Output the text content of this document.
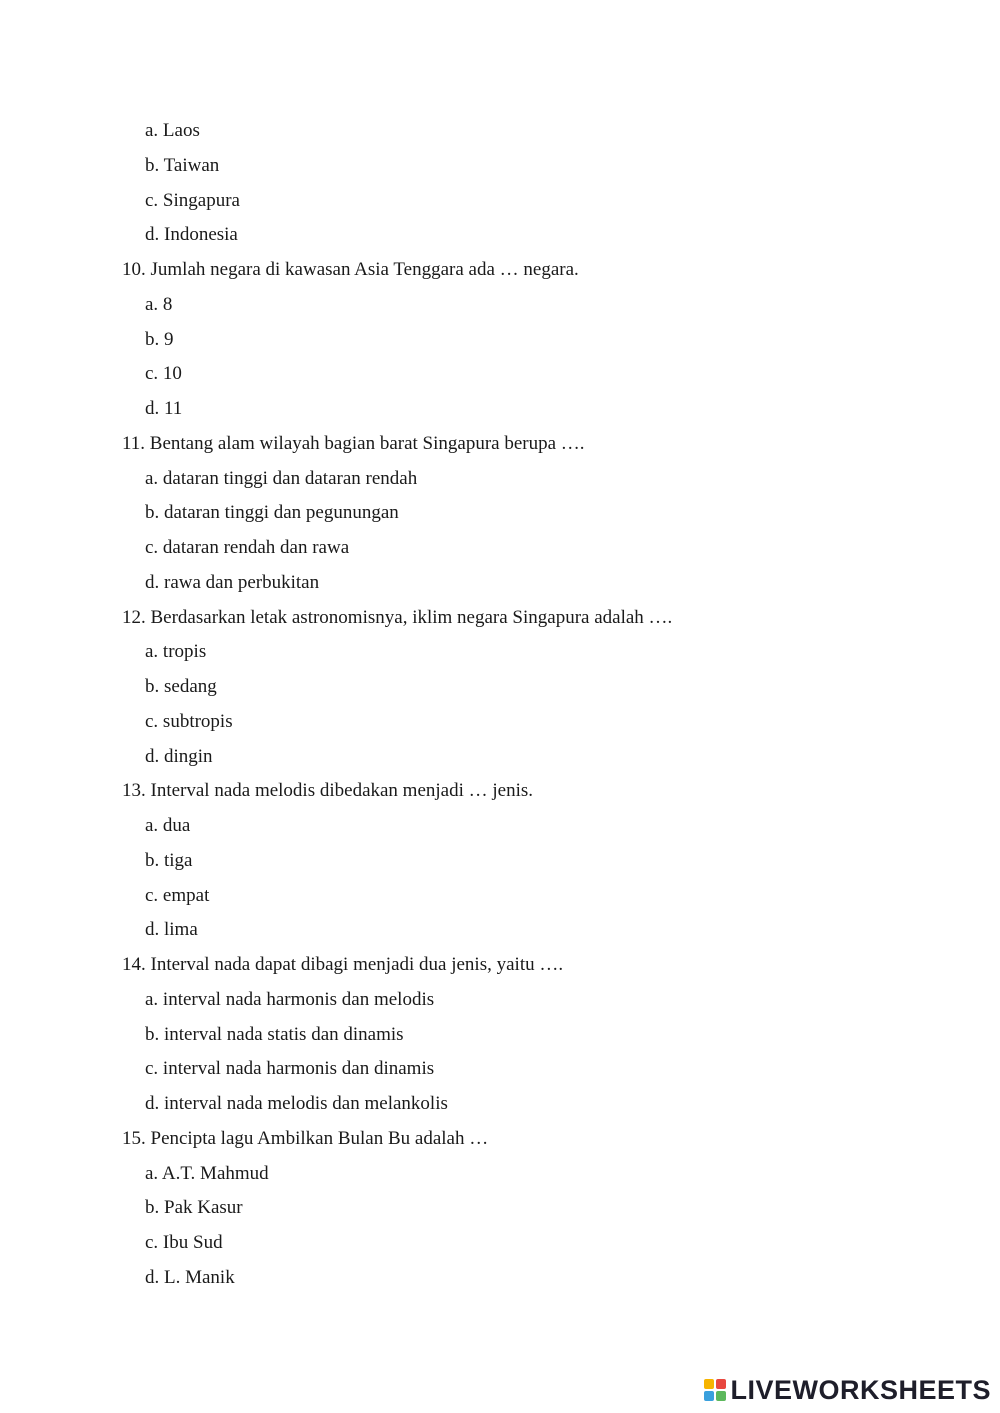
a. Laos
b. Taiwan
c. Singapura
d. Indonesia
10. Jumlah negara di kawasan Asia Tenggara ada … negara.
a. 8
b. 9
c. 10
d. 11
11. Bentang alam wilayah bagian barat Singapura berupa ….
a. dataran tinggi dan dataran rendah
b. dataran tinggi dan pegunungan
c. dataran rendah dan rawa
d. rawa dan perbukitan
12. Berdasarkan letak astronomisnya, iklim negara Singapura adalah ….
a. tropis
b. sedang
c. subtropis
d. dingin
13. Interval nada melodis dibedakan menjadi … jenis.
a. dua
b. tiga
c. empat
d. lima
14. Interval nada dapat dibagi menjadi dua jenis, yaitu ….
a. interval nada harmonis dan melodis
b. interval nada statis dan dinamis
c. interval nada harmonis dan dinamis
d. interval nada melodis dan melankolis
15. Pencipta lagu Ambilkan Bulan Bu adalah …
a. A.T. Mahmud
b. Pak Kasur
c. Ibu Sud
d. L. Manik
LIVEWORKSHEETS
